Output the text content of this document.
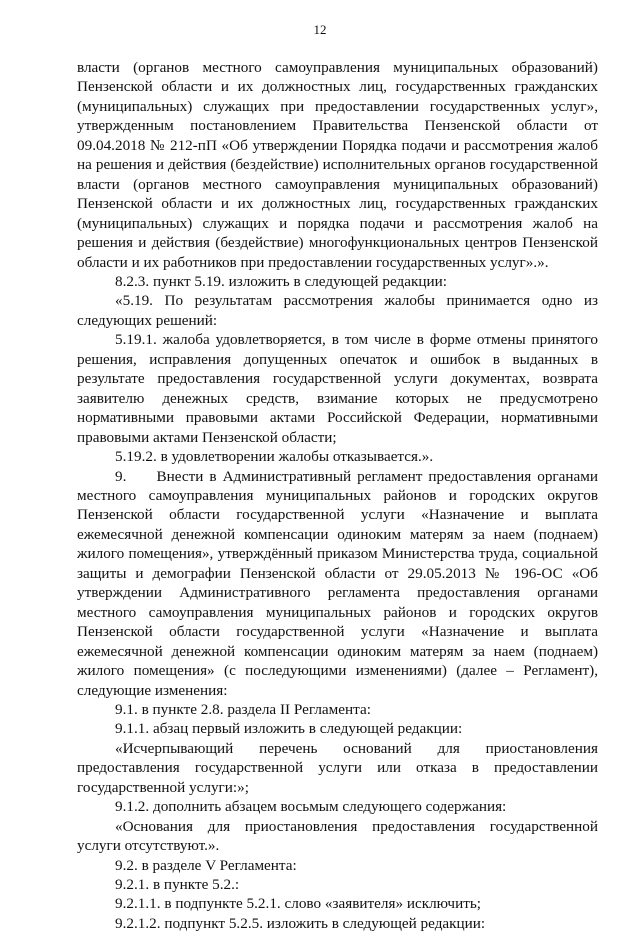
12

власти (органов местного самоуправления муниципальных образований) Пензенской области и их должностных лиц, государственных гражданских (муниципальных) служащих при предоставлении государственных услуг», утвержденным постановлением Правительства Пензенской области от 09.04.2018 № 212-пП «Об утверждении Порядка подачи и рассмотрения жалоб на решения и действия (бездействие) исполнительных органов государственной власти (органов местного самоуправления муниципальных образований) Пензенской области и их должностных лиц, государственных гражданских (муниципальных) служащих и порядка подачи и рассмотрения жалоб на решения и действия (бездействие) многофункциональных центров Пензенской области и их работников при предоставлении государственных услуг».».

8.2.3. пункт 5.19. изложить в следующей редакции:

«5.19. По результатам рассмотрения жалобы принимается одно из следующих решений:

5.19.1. жалоба удовлетворяется, в том числе в форме отмены принятого решения, исправления допущенных опечаток и ошибок в выданных в результате предоставления государственной услуги документах, возврата заявителю денежных средств, взимание которых не предусмотрено нормативными правовыми актами Российской Федерации, нормативными правовыми актами Пензенской области;

5.19.2. в удовлетворении жалобы отказывается.».

9.     Внести в Административный регламент предоставления органами местного самоуправления муниципальных районов и городских округов Пензенской области государственной услуги «Назначение и выплата ежемесячной денежной компенсации одиноким матерям за наем (поднаем) жилого помещения», утверждённый приказом Министерства труда, социальной защиты и демографии Пензенской области от 29.05.2013 № 196-ОС «Об утверждении Административного регламента предоставления органами местного самоуправления муниципальных районов и городских округов Пензенской области государственной услуги «Назначение и выплата ежемесячной денежной компенсации одиноким матерям за наем (поднаем) жилого помещения» (с последующими изменениями) (далее – Регламент), следующие изменения:

9.1. в пункте 2.8. раздела II Регламента:

9.1.1. абзац первый изложить в следующей редакции:

«Исчерпывающий перечень оснований для приостановления предоставления государственной услуги или отказа в предоставлении государственной услуги:»;

9.1.2. дополнить абзацем восьмым следующего содержания:

«Основания для приостановления предоставления государственной услуги отсутствуют.».

9.2. в разделе V Регламента:

9.2.1. в пункте 5.2.:

9.2.1.1. в подпункте 5.2.1. слово «заявителя» исключить;

9.2.1.2. подпункт 5.2.5. изложить в следующей редакции:
